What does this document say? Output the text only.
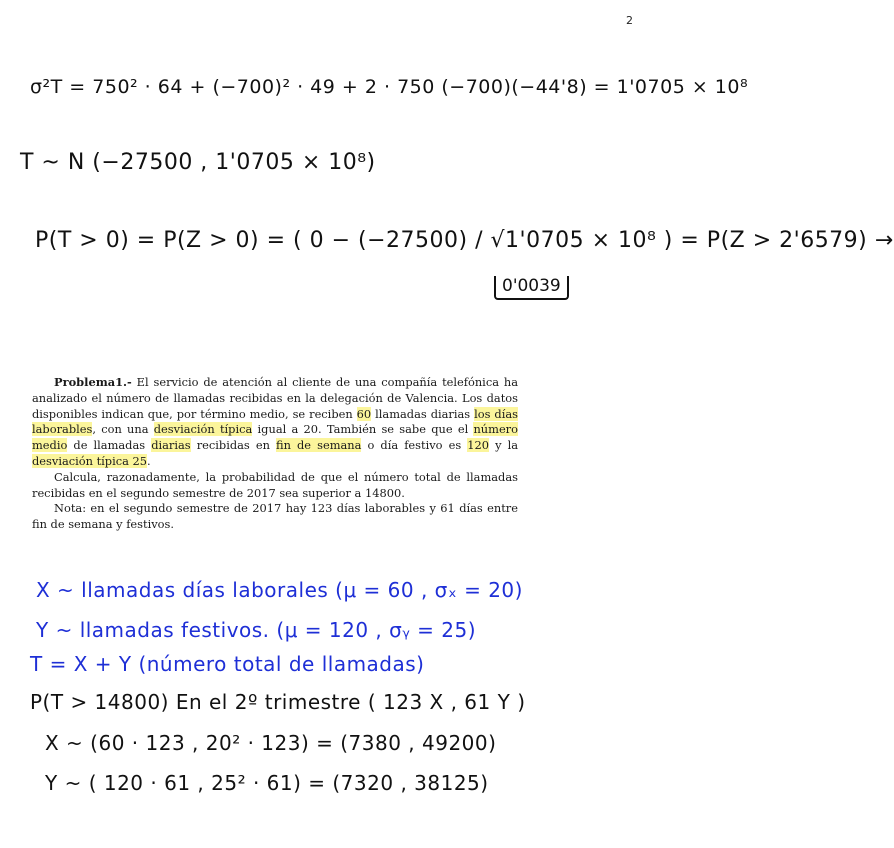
2
σ²T = 750² · 64 + (−700)² · 49 + 2 · 750 (−700)(−44'8) = 1'0705 × 10⁸
T ~ N (−27500 , 1'0705 × 10⁸)
P(T > 0) = P(Z > 0) = ( 0 − (−27500) / √1'0705 × 10⁸ ) = P(Z > 2'6579) →
0'0039

Problema1.- El servicio de atención al cliente de una compañía telefónica ha analizado el número de llamadas recibidas en la delegación de Valencia. Los datos disponibles indican que, por término medio, se reciben 60 llamadas diarias los días laborables, con una desviación típica igual a 20. También se sabe que el número medio de llamadas diarias recibidas en fin de semana o día festivo es 120 y la desviación típica 25.

Calcula, razonadamente, la probabilidad de que el número total de llamadas recibidas en el segundo semestre de 2017 sea superior a 14800.

Nota: en el segundo semestre de 2017 hay 123 días laborables y 61 días entre fin de semana y festivos.

X ~ llamadas días laborales (μ = 60 , σₓ = 20)
Y ~ llamadas festivos. (μ = 120 , σᵧ = 25)
T = X + Y (número total de llamadas)
P(T > 14800) En el 2º trimestre ( 123 X , 61 Y )
X ~ (60 · 123 , 20² · 123) = (7380 , 49200)
Y ~ ( 120 · 61 , 25² · 61) = (7320 , 38125)
